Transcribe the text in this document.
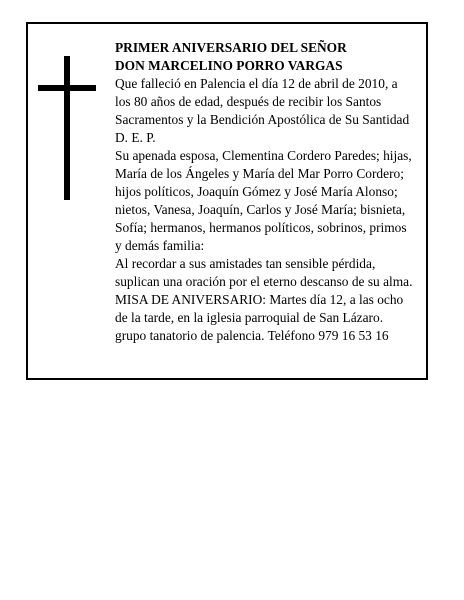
PRIMER ANIVERSARIO DEL SEÑOR

DON MARCELINO PORRO VARGAS

Que falleció en Palencia el día 12 de abril de 2010, a

los 80 años de edad, después de recibir los Santos

Sacramentos y la Bendición Apostólica de Su Santidad

D. E. P.

Su apenada esposa, Clementina Cordero Paredes; hijas,

María de los Ángeles y María del Mar Porro Cordero;

hijos políticos, Joaquín Gómez y José María Alonso;

nietos, Vanesa, Joaquín, Carlos y José María; bisnieta,

Sofía; hermanos, hermanos políticos, sobrinos, primos

y demás familia:

Al recordar a sus amistades tan sensible pérdida,

suplican una oración por el eterno descanso de su alma.

MISA DE ANIVERSARIO: Martes día 12, a las ocho

de la tarde, en la iglesia parroquial de San Lázaro.

grupo tanatorio de palencia. Teléfono 979 16 53 16
